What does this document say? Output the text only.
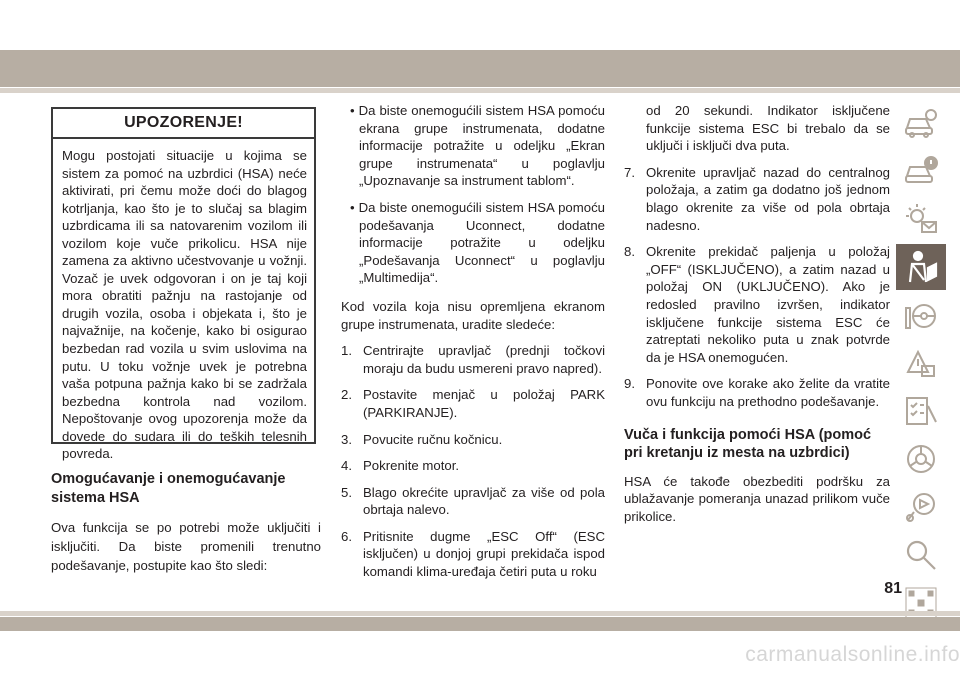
UPOZORENJE!
Mogu postojati situacije u kojima se sistem za pomoć na uzbrdici (HSA) neće aktivirati, pri čemu može doći do blagog kotrljanja, kao što je to slučaj sa blagim uzbrdicama ili sa natovarenim vozilom ili vozilom koje vuče prikolicu. HSA nije zamena za aktivno učestvovanje u vožnji. Vozač je uvek odgovoran i on je taj koji mora obratiti pažnju na rastojanje od drugih vozila, osoba i objekata i, što je najvažnije, na kočenje, kako bi osigurao bezbedan rad vozila u svim uslovima na putu. U toku vožnje uvek je potrebna vaša potpuna pažnja kako bi se zadržala bezbedna kontrola nad vozilom. Nepoštovanje ovog upozorenja može da dovede do sudara ili do teških telesnih povreda.
Omogućavanje i onemogućavanje
sistema HSA

Ova funkcija se po potrebi može uključiti i isključiti. Da biste promenili trenutno podešavanje, postupite kao što sledi:

• Da biste onemogućili sistem HSA pomoću ekrana grupe instrumenata, dodatne informacije potražite u odeljku „Ekran grupe instrumenata“ u poglavlju „Upoznavanje sa instrument tablom“.

• Da biste onemogućili sistem HSA pomoću podešavanja Uconnect, dodatne informacije potražite u odeljku „Podešavanja Uconnect“ u poglavlju „Multimedija“.

Kod vozila koja nisu opremljena ekranom grupe instrumenata, uradite sledeće:

1. Centrirajte upravljač (prednji točkovi moraju da budu usmereni pravo napred).
2. Postavite menjač u položaj PARK (PARKIRANJE).
3. Povucite ručnu kočnicu.
4. Pokrenite motor.
5. Blago okrećite upravljač za više od pola obrtaja nalevo.
6. Pritisnite dugme „ESC Off“ (ESC isključen) u donjoj grupi prekidača ispod komandi klima-uređaja četiri puta u roku

od 20 sekundi. Indikator isključene funkcije sistema ESC bi trebalo da se uključi i isključi dva puta.

7. Okrenite upravljač nazad do centralnog položaja, a zatim ga dodatno još jednom blago okrenite za više od pola obrtaja nadesno.
8. Okrenite prekidač paljenja u položaj „OFF“ (ISKLJUČENO), a zatim nazad u položaj ON (UKLJUČENO). Ako je redosled pravilno izvršen, indikator isključene funkcije sistema ESC će zatreptati nekoliko puta u znak potvrde da je HSA onemogućen.
9. Ponovite ove korake ako želite da vratite ovu funkciju na prethodno podešavanje.
Vuča i funkcija pomoći HSA (pomoć
pri kretanju iz mesta na uzbrdici)

HSA će takođe obezbediti podršku za ublažavanje pomeranja unazad prilikom vuče prikolice.

81
carmanualsonline.info
